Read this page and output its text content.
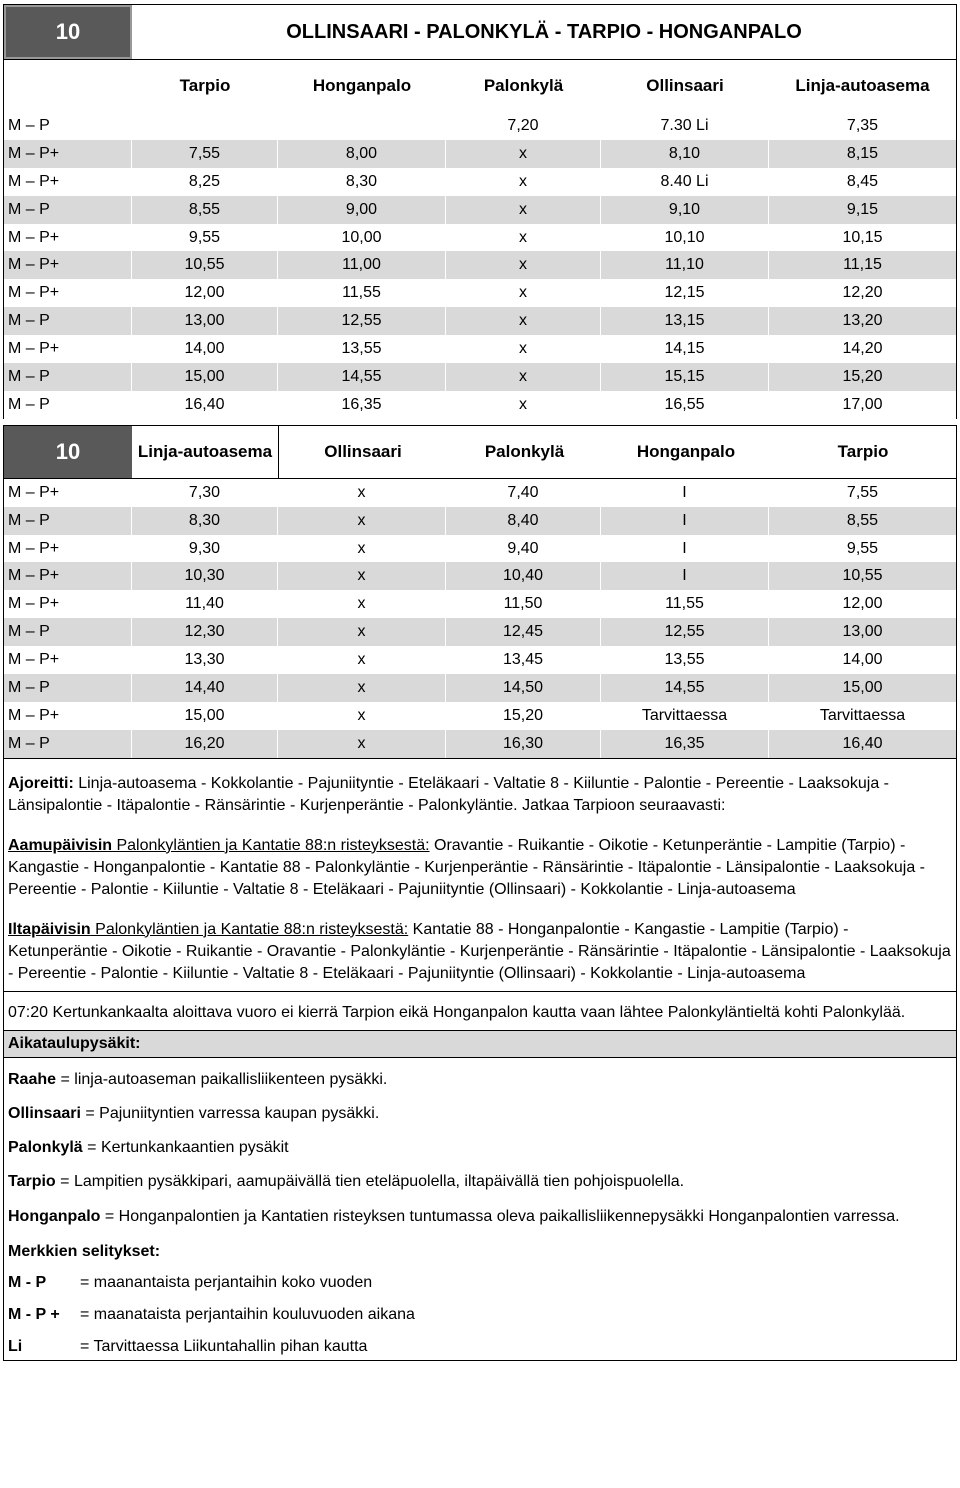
10	OLLINSAARI - PALONKYLÄ - TARPIO - HONGANPALO
Tarpio	Honganpalo	Palonkylä	Ollinsaari	Linja-autoasema
M – P			7,20	7.30 Li	7,35
M – P+	7,55	8,00	x	8,10	8,15
M – P+	8,25	8,30	x	8.40 Li	8,45
M – P	8,55	9,00	x	9,10	9,15
M – P+	9,55	10,00	x	10,10	10,15
M – P+	10,55	11,00	x	11,10	11,15
M – P+	12,00	11,55	x	12,15	12,20
M – P	13,00	12,55	x	13,15	13,20
M – P+	14,00	13,55	x	14,15	14,20
M – P	15,00	14,55	x	15,15	15,20
M – P	16,40	16,35	x	16,55	17,00
10	Linja-autoasema	Ollinsaari	Palonkylä	Honganpalo	Tarpio
M – P+	7,30	x	7,40	I	7,55
M – P	8,30	x	8,40	I	8,55
M – P+	9,30	x	9,40	I	9,55
M – P+	10,30	x	10,40	I	10,55
M – P+	11,40	x	11,50	11,55	12,00
M – P	12,30	x	12,45	12,55	13,00
M – P+	13,30	x	13,45	13,55	14,00
M – P	14,40	x	14,50	14,55	15,00
M – P+	15,00	x	15,20	Tarvittaessa	Tarvittaessa
M – P	16,20	x	16,30	16,35	16,40

Ajoreitti: Linja-autoasema - Kokkolantie - Pajuniityntie - Eteläkaari - Valtatie 8 - Kiiluntie - Palontie - Pereentie - Laaksokuja - Länsipalontie - Itäpalontie - Ränsärintie - Kurjenperäntie - Palonkyläntie. Jatkaa Tarpioon seuraavasti:

Aamupäivisin Palonkyläntien ja Kantatie 88:n risteyksestä: Oravantie - Ruikantie - Oikotie - Ketunperäntie - Lampitie (Tarpio) - Kangastie - Honganpalontie - Kantatie 88 - Palonkyläntie - Kurjenperäntie - Ränsärintie - Itäpalontie - Länsipalontie - Laaksokuja - Pereentie - Palontie - Kiiluntie - Valtatie 8 - Eteläkaari - Pajuniityntie (Ollinsaari) - Kokkolantie - Linja-autoasema

Iltapäivisin Palonkyläntien ja Kantatie 88:n risteyksestä: Kantatie 88 - Honganpalontie - Kangastie - Lampitie (Tarpio) - Ketunperäntie - Oikotie - Ruikantie - Oravantie - Palonkyläntie - Kurjenperäntie - Ränsärintie - Itäpalontie - Länsipalontie - Laaksokuja - Pereentie - Palontie - Kiiluntie - Valtatie 8 - Eteläkaari - Pajuniityntie (Ollinsaari) - Kokkolantie - Linja-autoasema

07:20 Kertunkankaalta aloittava vuoro ei kierrä Tarpion eikä Honganpalon kautta vaan lähtee Palonkyläntieltä kohti Palonkylää.

Aikataulupysäkit:

Raahe = linja-autoaseman paikallisliikenteen pysäkki.

Ollinsaari = Pajuniityntien varressa kaupan pysäkki.

Palonkylä = Kertunkankaantien pysäkit

Tarpio = Lampitien pysäkkipari, aamupäivällä tien eteläpuolella, iltapäivällä tien pohjoispuolella.

Honganpalo = Honganpalontien ja Kantatien risteyksen tuntumassa oleva paikallisliikennepysäkki Honganpalontien varressa.

Merkkien selitykset:

M - P	= maanantaista perjantaihin koko vuoden
M - P +	= maanataista perjantaihin kouluvuoden aikana
Li	= Tarvittaessa Liikuntahallin pihan kautta
